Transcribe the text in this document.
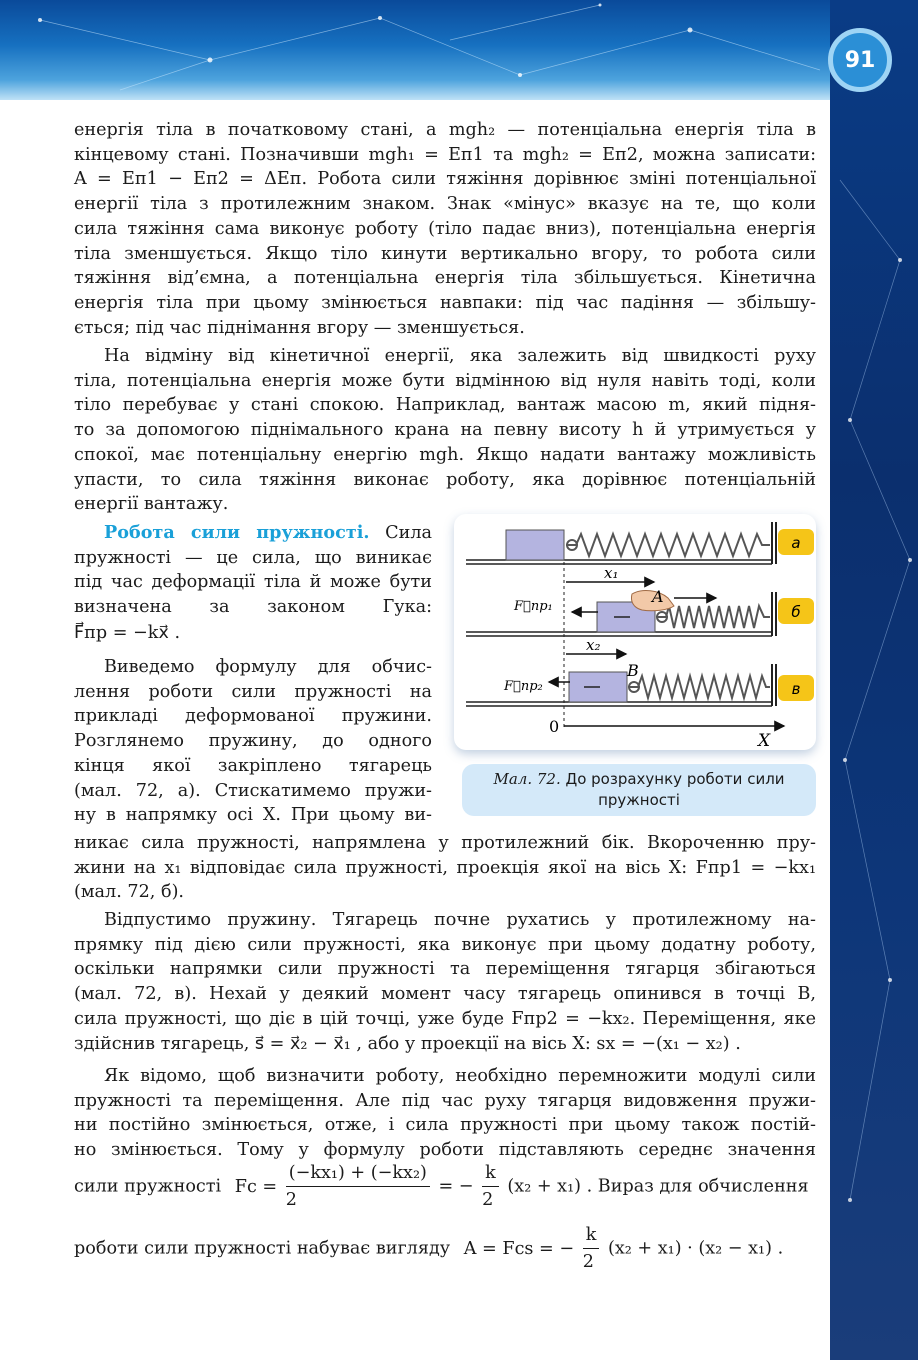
91

енергія тіла в початковому стані, а mgh₂ — потенціальна енергія тіла в

кінцевому стані. Позначивши mgh₁ = Eп1 та mgh₂ = Eп2, можна записати:

A = Eп1 − Eп2 = ΔEп. Робота сили тяжіння дорівнює зміні потенціальної

енергії тіла з протилежним знаком. Знак «мінус» вказує на те, що коли

сила тяжіння сама виконує роботу (тіло падає вниз), потенціальна енергія

тіла зменшується. Якщо тіло кинути вертикально вгору, то робота сили

тяжіння від’ємна, а потенціальна енергія тіла збільшується. Кінетична

енергія тіла при цьому змінюється навпаки: під час падіння — збільшу-

ється; під час піднімання вгору — зменшується.

На відміну від кінетичної енергії, яка залежить від швидкості руху

тіла, потенціальна енергія може бути відмінною від нуля навіть тоді, коли

тіло перебуває у стані спокою. Наприклад, вантаж масою m, який підня-

то за допомогою піднімального крана на певну висоту h й утримується у

спокої, має потенціальну енергію mgh. Якщо надати вантажу можливість

упасти, то сила тяжіння виконає роботу, яка дорівнює потенціальній

енергії вантажу.

Робота сили пружності. Сила

пружності — це сила, що виникає

під час деформації тіла й може бути

визначена за законом Гука:

F⃗пр = −kx⃗ .

Виведемо формулу для обчис-

лення роботи сили пружності на

прикладі деформованої пружини.

Розглянемо пружину, до одного

кінця якої закріплено тягарець

(мал. 72, а). Стискатимемо пружи-

ну в напрямку осі X. При цьому ви-

никає сила пружності, напрямлена у протилежний бік. Вкороченню пру-

жини на x₁ відповідає сила пружності, проекція якої на вісь X: Fпр1 = −kx₁

(мал. 72, б).

Відпустимо пружину. Тягарець почне рухатись у протилежному на-

прямку під дією сили пружності, яка виконує при цьому додатну роботу,

оскільки напрямки сили пружності та переміщення тягарця збігаються

(мал. 72, в). Нехай у деякий момент часу тягарець опинився в точці B,

сила пружності, що діє в цій точці, уже буде Fпр2 = −kx₂. Переміщення, яке

здійснив тягарець, s⃗ = x⃗₂ − x⃗₁ , або у проекції на вісь X: sx = −(x₁ − x₂) .

Як відомо, щоб визначити роботу, необхідно перемножити модулі сили

пружності та переміщення. Але під час руху тягарця видовження пружи-

ни постійно змінюється, отже, і сила пружності при цьому також постій-

но змінюється. Тому у формулу роботи підставляють середнє значення

сили пружності Fс = $\frac{\text{(−kx₁) + (−kx₂)}}{2}$ = − $\frac{k}{2} (x_2 + x_1)$ . Вираз для обчислення
роботи сили пружності набуває вигляду A = Fсs = − $\frac{k}{2} (x_2 + x_1) \cdot (x_2 - x_1)$ .
x₁
x₂
A
B
F⃗пр₁
F⃗пр₂
0
X
а
б
в
Мал. 72. До розрахунку роботи сили пружності
